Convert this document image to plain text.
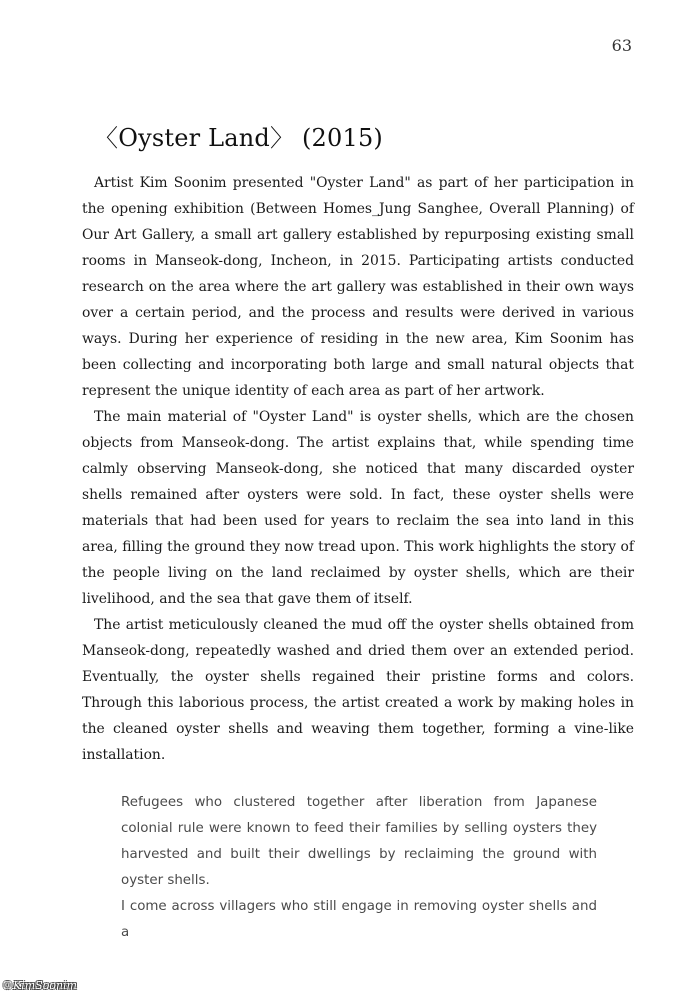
63
〈Oyster Land〉 (2015)

Artist Kim Soonim presented "Oyster Land" as part of her participation in the opening exhibition (Between Homes_Jung Sanghee, Overall Planning) of Our Art Gallery, a small art gallery established by repurposing existing small rooms in Manseok-dong, Incheon, in 2015. Participating artists conducted research on the area where the art gallery was established in their own ways over a certain period, and the process and results were derived in various ways. During her experience of residing in the new area, Kim Soonim has been collecting and incorporating both large and small natural objects that represent the unique identity of each area as part of her artwork.

The main material of "Oyster Land" is oyster shells, which are the chosen objects from Manseok-dong. The artist explains that, while spending time calmly observing Manseok-dong, she noticed that many discarded oyster shells remained after oysters were sold. In fact, these oyster shells were materials that had been used for years to reclaim the sea into land in this area, filling the ground they now tread upon. This work highlights the story of the people living on the land reclaimed by oyster shells, which are their livelihood, and the sea that gave them of itself.

The artist meticulously cleaned the mud off the oyster shells obtained from Manseok-dong, repeatedly washed and dried them over an extended period. Eventually, the oyster shells regained their pristine forms and colors. Through this laborious process, the artist created a work by making holes in the cleaned oyster shells and weaving them together, forming a vine-like installation.

Refugees who clustered together after liberation from Japanese colonial rule were known to feed their families by selling oysters they harvested and built their dwellings by reclaiming the ground with oyster shells.

I come across villagers who still engage in removing oyster shells and a

©KimSoonim
